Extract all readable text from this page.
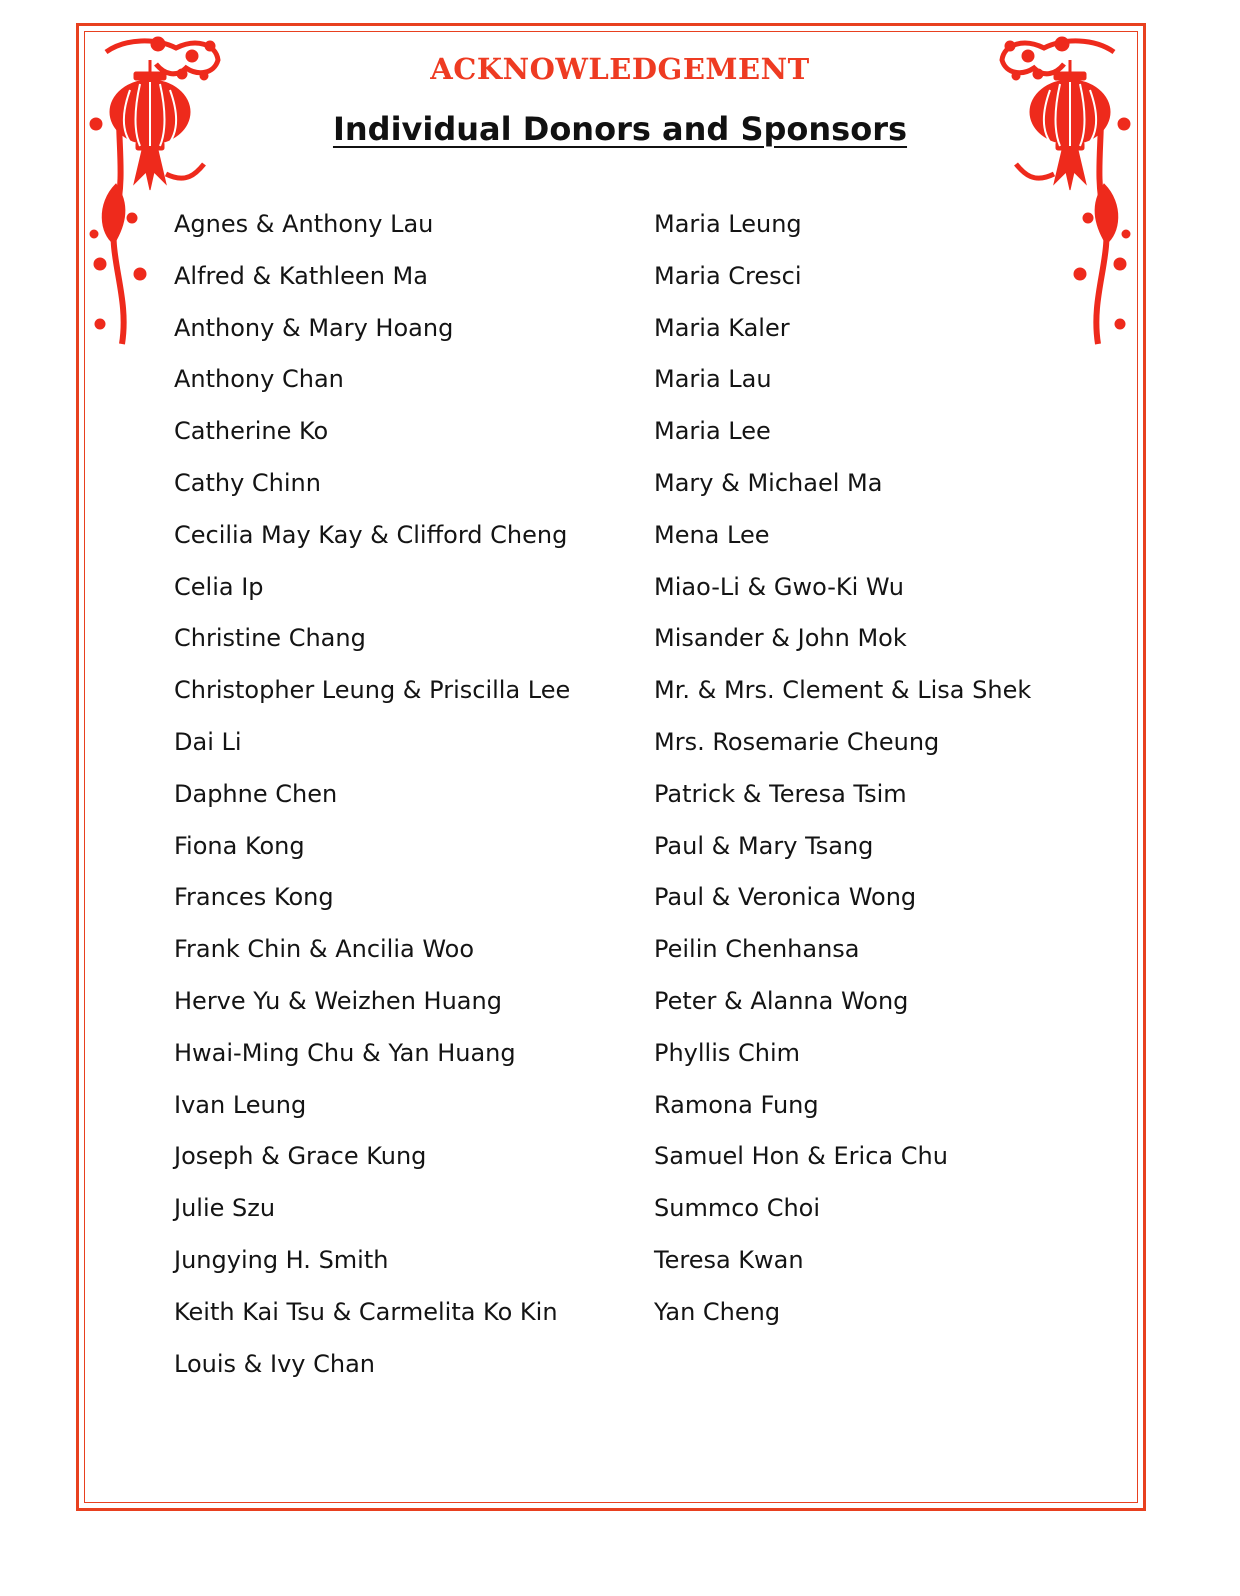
ACKNOWLEDGEMENT
Individual Donors and Sponsors
Agnes & Anthony Lau
Alfred & Kathleen Ma
Anthony & Mary Hoang
Anthony Chan
Catherine Ko
Cathy Chinn
Cecilia May Kay & Clifford Cheng
Celia Ip
Christine Chang
Christopher Leung & Priscilla Lee
Dai Li
Daphne Chen
Fiona Kong
Frances Kong
Frank Chin & Ancilia Woo
Herve Yu & Weizhen Huang
Hwai-Ming Chu & Yan Huang
Ivan Leung
Joseph & Grace Kung
Julie Szu
Jungying H. Smith
Keith Kai Tsu & Carmelita Ko Kin
Louis & Ivy Chan
Maria Leung
Maria Cresci
Maria Kaler
Maria Lau
Maria Lee
Mary & Michael Ma
Mena Lee
Miao-Li & Gwo-Ki Wu
Misander & John Mok
Mr. & Mrs. Clement & Lisa Shek
Mrs. Rosemarie Cheung
Patrick & Teresa Tsim
Paul & Mary Tsang
Paul & Veronica Wong
Peilin Chenhansa
Peter & Alanna Wong
Phyllis Chim
Ramona Fung
Samuel Hon & Erica Chu
Summco Choi
Teresa Kwan
Yan Cheng
